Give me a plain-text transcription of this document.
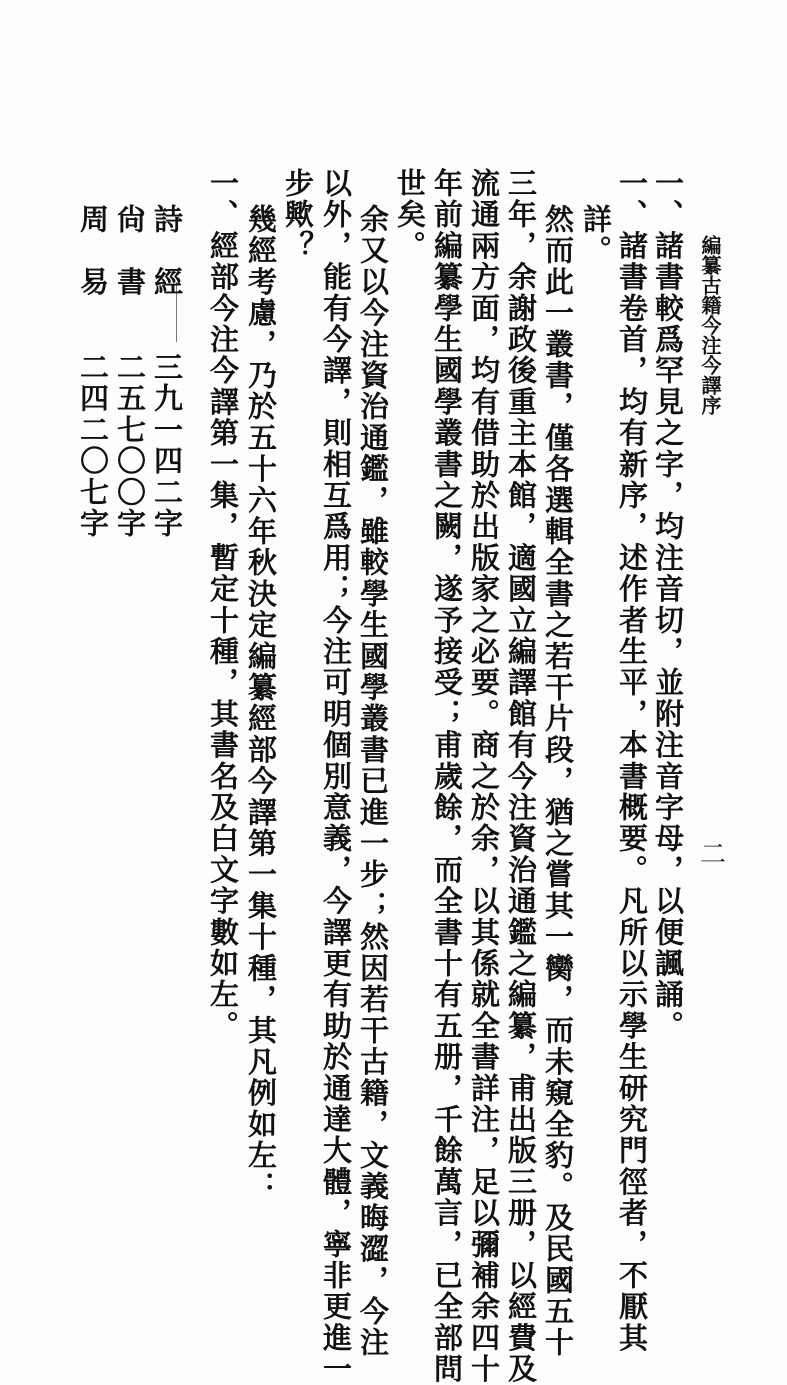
編纂古籍今注今譯序
二
一、諸書較爲罕見之字，均注音切，並附注音字母，以便諷誦。
一、諸書卷首，均有新序，述作者生平，本書概要。凡所以示學生研究門徑者，不厭其
詳。
然而此一叢書，僅各選輯全書之若干片段，猶之嘗其一臠，而未窺全豹。及民國五十
三年，余謝政後重主本館，適國立編譯館有今注資治通鑑之編纂，甫出版三册，以經費及
流通兩方面，均有借助於出版家之必要。商之於余，以其係就全書詳注，足以彌補余四十
年前編纂學生國學叢書之闕，遂予接受；甫歲餘，而全書十有五册，千餘萬言，已全部問
世矣。
余又以今注資治通鑑，雖較學生國學叢書已進一步；然因若干古籍，文義晦澀，今注
以外，能有今譯，則相互爲用；今注可明個別意義，今譯更有助於通達大體，寧非更進一
步歟？
幾經考慮，乃於五十六年秋決定編纂經部今譯第一集十種，其凡例如左：
一、經部今注今譯第一集，暫定十種，其書名及白文字數如左。
詩　經
三九一四二字
尙　書
二五七〇〇字
周　易
二四二〇七字
